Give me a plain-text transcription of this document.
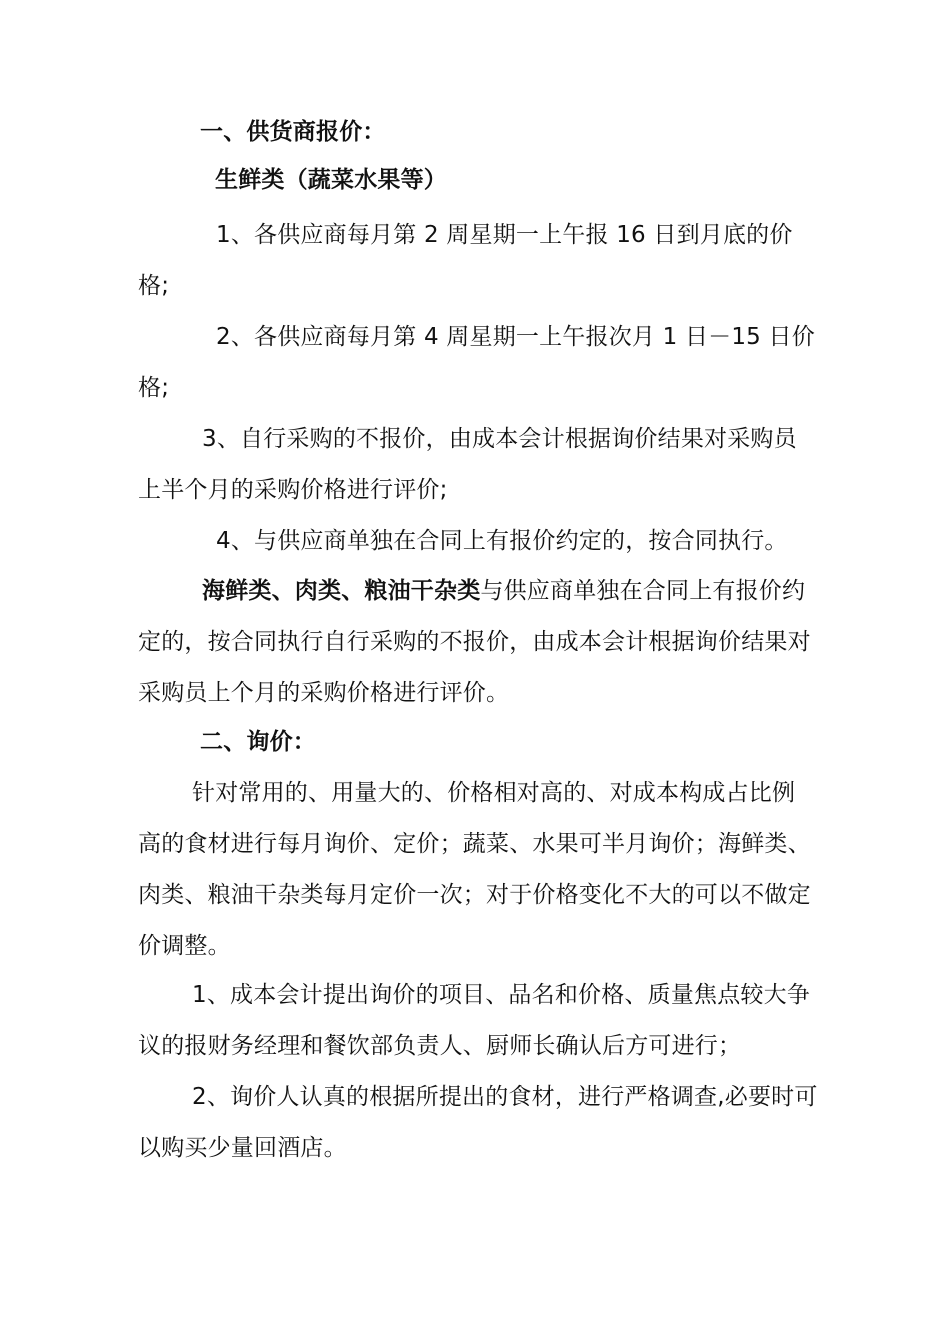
一、供货商报价：

生鲜类（蔬菜水果等）

1、各供应商每月第 2 周星期一上午报 16 日到月底的价格;

2、各供应商每月第 4 周星期一上午报次月 1 日－15 日价格;

3、自行采购的不报价，由成本会计根据询价结果对采购员上半个月的采购价格进行评价;

4、与供应商单独在合同上有报价约定的，按合同执行。

海鲜类、肉类、粮油干杂类与供应商单独在合同上有报价约定的，按合同执行自行采购的不报价，由成本会计根据询价结果对采购员上个月的采购价格进行评价。

二、询价：

针对常用的、用量大的、价格相对高的、对成本构成占比例高的食材进行每月询价、定价；蔬菜、水果可半月询价；海鲜类、肉类、粮油干杂类每月定价一次；对于价格变化不大的可以不做定价调整。

1、成本会计提出询价的项目、品名和价格、质量焦点较大争议的报财务经理和餐饮部负责人、厨师长确认后方可进行；

2、询价人认真的根据所提出的食材，进行严格调查,必要时可以购买少量回酒店。
